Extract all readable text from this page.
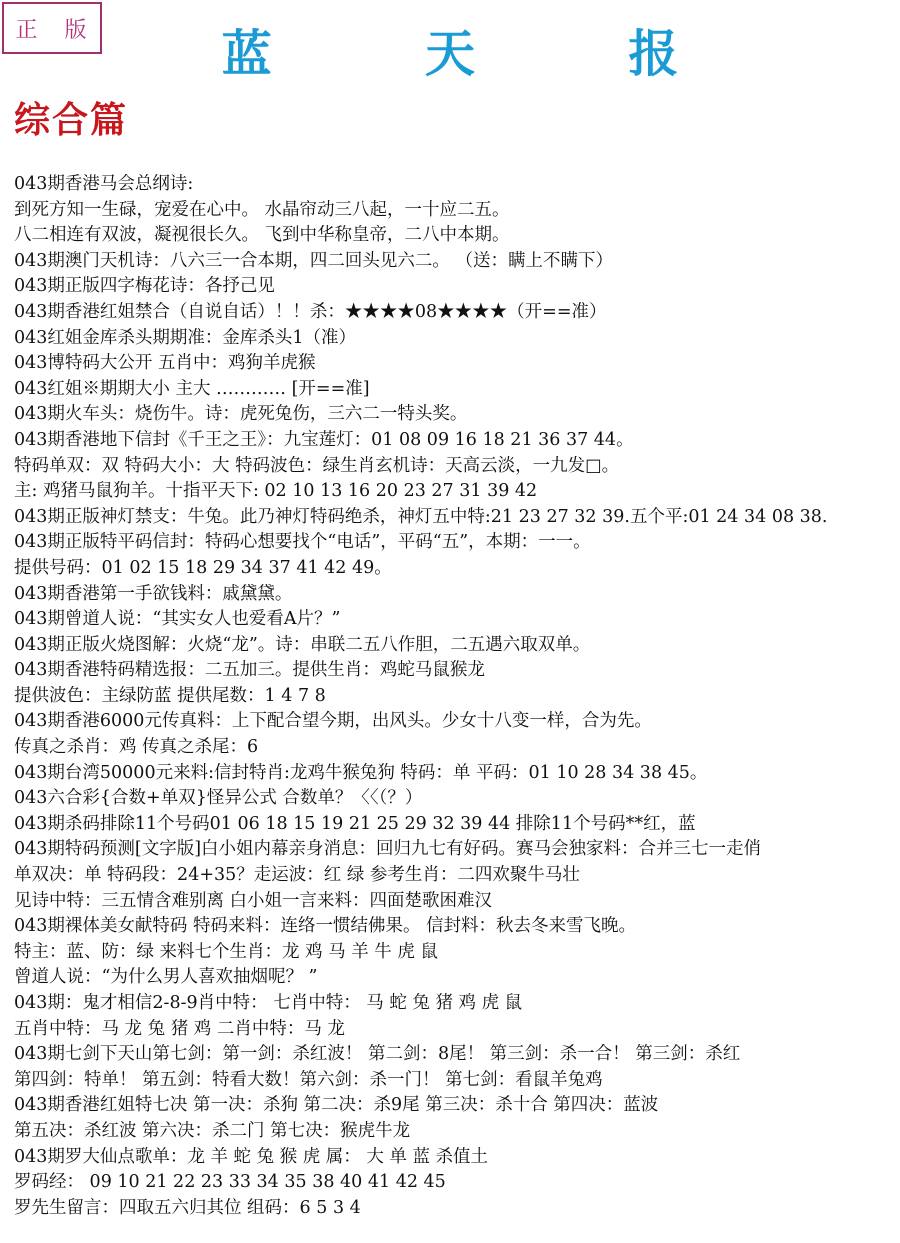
正 版	蓝 天 报
综合篇
043期香港马会总纲诗:
到死方知一生碌，宠爱在心中。 水晶帘动三八起，一十应二五。
八二相连有双波，凝视很长久。 飞到中华称皇帝，二八中本期。
043期澳门天机诗：八六三一合本期，四二回头见六二。 （送：瞒上不瞒下）
043期正版四字梅花诗：各抒己见
043期香港红姐禁合（自说自话）！！杀：★★★★08★★★★（开==准）
043红姐金库杀头期期准：金库杀头1（准）
043博特码大公开 五肖中：鸡狗羊虎猴
043红姐※期期大小 主大 ………… [开==准]
043期火车头：烧伤牛。诗：虎死兔伤，三六二一特头奖。
043期香港地下信封《千王之王》：九宝莲灯：01 08 09 16 18 21 36 37 44。
特码单双：双 特码大小：大 特码波色：绿生肖玄机诗：天高云淡，一九发□。
主: 鸡猪马鼠狗羊。十指平天下: 02 10 13 16 20 23 27 31 39 42
043期正版神灯禁支：牛兔。此乃神灯特码绝杀，神灯五中特:21 23 27 32 39.五个平:01 24 34 08 38.
043期正版特平码信封：特码心想要找个“电话”，平码“五”，本期：一一。
提供号码：01 02 15 18 29 34 37 41 42 49。
043期香港第一手欲钱料：戚黛黛。
043期曾道人说：“其实女人也爱看A片？”
043期正版火烧图解：火烧“龙”。诗：串联二五八作胆，二五遇六取双单。
043期香港特码精选报：二五加三。提供生肖：鸡蛇马鼠猴龙
提供波色：主绿防蓝 提供尾数：1 4 7 8
043期香港6000元传真料：上下配合望今期，出风头。少女十八变一样，合为先。
传真之杀肖：鸡 传真之杀尾：6
043期台湾50000元来料:信封特肖:龙鸡牛猴兔狗 特码：单 平码：01 10 28 34 38 45。
043六合彩{合数+单双}怪异公式 合数单？〈〈（？）
043期杀码排除11个号码01 06 18 15 19 21 25 29 32 39 44 排除11个号码**红，蓝
043期特码预测[文字版]白小姐内幕亲身消息：回归九七有好码。赛马会独家料：合并三七一走俏
单双决：单 特码段：24+35？走运波：红 绿 参考生肖：二四欢聚牛马壮
见诗中特：三五情含难别离 白小姐一言来料：四面楚歌困难汉
043期裸体美女献特码 特码来料：连络一惯结佛果。 信封料：秋去冬来雪飞晚。
特主：蓝、防：绿 来料七个生肖：龙 鸡 马 羊 牛 虎 鼠
曾道人说：“为什么男人喜欢抽烟呢？ ”
043期：鬼才相信2-8-9肖中特： 七肖中特： 马 蛇 兔 猪 鸡 虎 鼠
五肖中特：马 龙 兔 猪 鸡 二肖中特：马 龙
043期七剑下天山第七剑：第一剑：杀红波！ 第二剑：8尾！ 第三剑：杀一合！ 第三剑：杀红
第四剑：特单！ 第五剑：特看大数！第六剑：杀一门！ 第七剑：看鼠羊兔鸡
043期香港红姐特七决 第一决：杀狗 第二决：杀9尾 第三决：杀十合 第四决：蓝波
第五决：杀红波 第六决：杀二门 第七决：猴虎牛龙
043期罗大仙点歌单：龙 羊 蛇 兔 猴 虎 属： 大 单 蓝 杀值土
罗码经： 09 10 21 22 23 33 34 35 38 40 41 42 45
罗先生留言：四取五六归其位 组码：6 5 3 4
